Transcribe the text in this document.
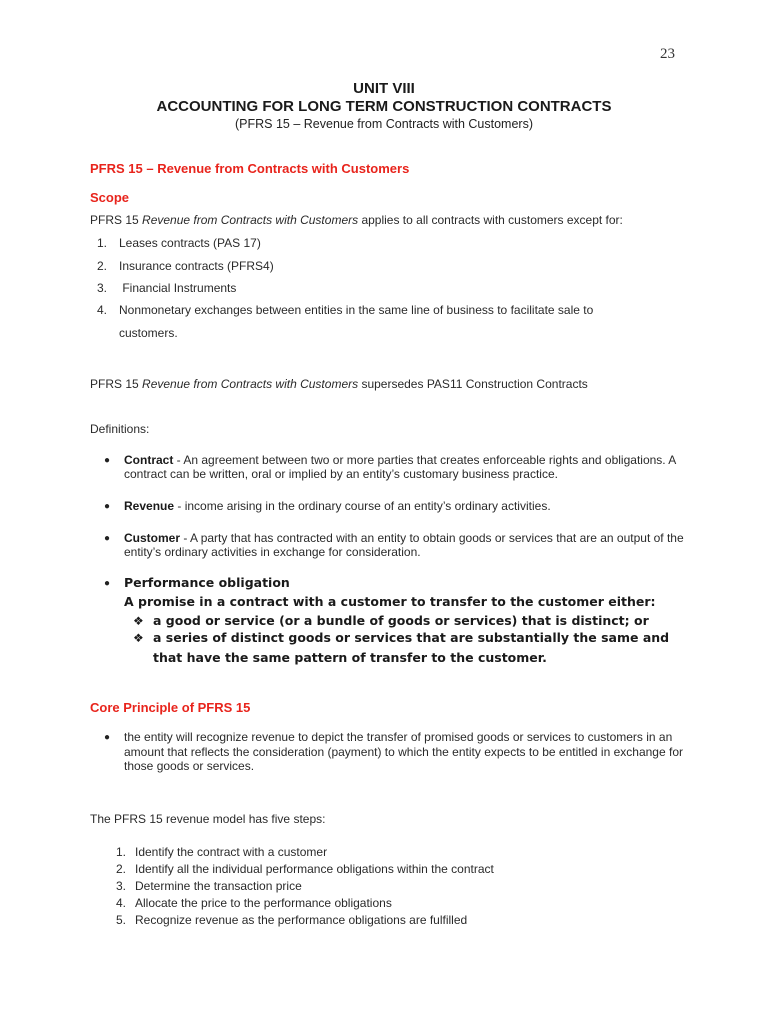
23
UNIT VIII
ACCOUNTING FOR LONG TERM CONSTRUCTION CONTRACTS
(PFRS 15 – Revenue from Contracts with Customers)
PFRS 15 – Revenue from Contracts with Customers
Scope
PFRS 15 Revenue from Contracts with Customers applies to all contracts with customers except for:
1. Leases contracts (PAS 17)
2. Insurance contracts (PFRS4)
3. Financial Instruments
4. Nonmonetary exchanges between entities in the same line of business to facilitate sale to
customers.
PFRS 15 Revenue from Contracts with Customers supersedes PAS11 Construction Contracts
Definitions:
● Contract - An agreement between two or more parties that creates enforceable rights and obligations. A contract can be written, oral or implied by an entity’s customary business practice.
● Revenue - income arising in the ordinary course of an entity’s ordinary activities.
● Customer - A party that has contracted with an entity to obtain goods or services that are an output of the entity’s ordinary activities in exchange for consideration.
● Performance obligation
A promise in a contract with a customer to transfer to the customer either:
❖ a good or service (or a bundle of goods or services) that is distinct; or
❖ a series of distinct goods or services that are substantially the same and that have the same pattern of transfer to the customer.
Core Principle of PFRS 15
● the entity will recognize revenue to depict the transfer of promised goods or services to customers in an amount that reflects the consideration (payment) to which the entity expects to be entitled in exchange for those goods or services.
The PFRS 15 revenue model has five steps:
1. Identify the contract with a customer
2. Identify all the individual performance obligations within the contract
3. Determine the transaction price
4. Allocate the price to the performance obligations
5. Recognize revenue as the performance obligations are fulfilled
